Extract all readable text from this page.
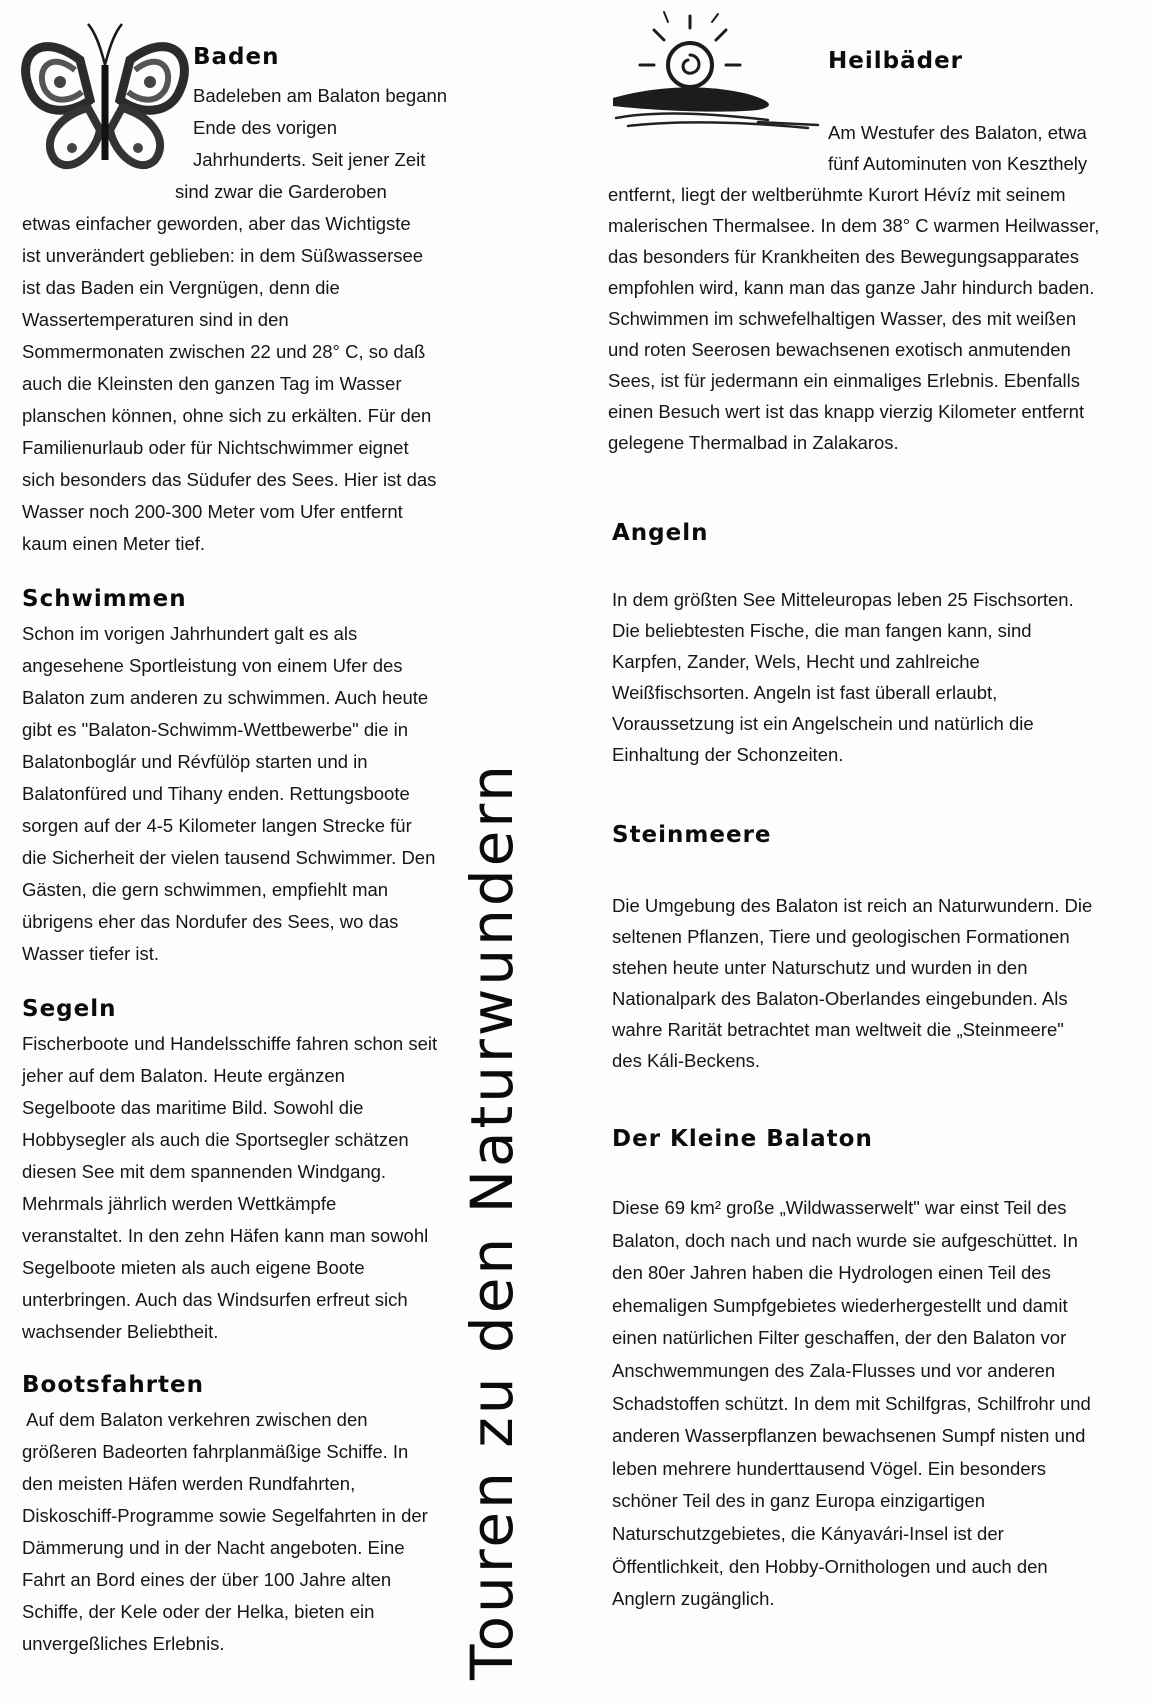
Touren zu den Naturwundern
Baden
Badeleben am Balaton begann
Ende des vorigen
Jahrhunderts. Seit jener Zeit
sind zwar die Garderoben
etwas einfacher geworden, aber das Wichtigste
ist unverändert geblieben: in dem Süßwassersee
ist das Baden ein Vergnügen, denn die
Wassertemperaturen sind in den
Sommermonaten zwischen 22 und 28° C, so daß
auch die Kleinsten den ganzen Tag im Wasser
planschen können, ohne sich zu erkälten. Für den
Familienurlaub oder für Nichtschwimmer eignet
sich besonders das Südufer des Sees. Hier ist das
Wasser noch 200-300 Meter vom Ufer entfernt
kaum einen Meter tief.
Schwimmen
Schon im vorigen Jahrhundert galt es als
angesehene Sportleistung von einem Ufer des
Balaton zum anderen zu schwimmen. Auch heute
gibt es "Balaton-Schwimm-Wettbewerbe" die in
Balatonboglár und Révfülöp starten und in
Balatonfüred und Tihany enden. Rettungsboote
sorgen auf der 4-5 Kilometer langen Strecke für
die Sicherheit der vielen tausend Schwimmer. Den
Gästen, die gern schwimmen, empfiehlt man
übrigens eher das Nordufer des Sees, wo das
Wasser tiefer ist.
Segeln
Fischerboote und Handelsschiffe fahren schon seit
jeher auf dem Balaton. Heute ergänzen
Segelboote das maritime Bild. Sowohl die
Hobbysegler als auch die Sportsegler schätzen
diesen See mit dem spannenden Windgang.
Mehrmals jährlich werden Wettkämpfe
veranstaltet. In den zehn Häfen kann man sowohl
Segelboote mieten als auch eigene Boote
unterbringen. Auch das Windsurfen erfreut sich
wachsender Beliebtheit.
Bootsfahrten
Auf dem Balaton verkehren zwischen den
größeren Badeorten fahrplanmäßige Schiffe. In
den meisten Häfen werden Rundfahrten,
Diskoschiff-Programme sowie Segelfahrten in der
Dämmerung und in der Nacht angeboten. Eine
Fahrt an Bord eines der über 100 Jahre alten
Schiffe, der Kele oder der Helka, bieten ein
unvergeßliches Erlebnis.
Heilbäder
Am Westufer des Balaton, etwa
fünf Autominuten von Keszthely
entfernt, liegt der weltberühmte Kurort Hévíz mit seinem
malerischen Thermalsee. In dem 38° C warmen Heilwasser,
das besonders für Krankheiten des Bewegungsapparates
empfohlen wird, kann man das ganze Jahr hindurch baden.
Schwimmen im schwefelhaltigen Wasser, des mit weißen
und roten Seerosen bewachsenen exotisch anmutenden
Sees, ist für jedermann ein einmaliges Erlebnis. Ebenfalls
einen Besuch wert ist das knapp vierzig Kilometer entfernt
gelegene Thermalbad in Zalakaros.
Angeln
In dem größten See Mitteleuropas leben 25 Fischsorten.
Die beliebtesten Fische, die man fangen kann, sind
Karpfen, Zander, Wels, Hecht und zahlreiche
Weißfischsorten. Angeln ist fast überall erlaubt,
Voraussetzung ist ein Angelschein und natürlich die
Einhaltung der Schonzeiten.
Steinmeere
Die Umgebung des Balaton ist reich an Naturwundern. Die
seltenen Pflanzen, Tiere und geologischen Formationen
stehen heute unter Naturschutz und wurden in den
Nationalpark des Balaton-Oberlandes eingebunden. Als
wahre Rarität betrachtet man weltweit die „Steinmeere"
des Káli-Beckens.
Der Kleine Balaton
Diese 69 km² große „Wildwasserwelt" war einst Teil des
Balaton, doch nach und nach wurde sie aufgeschüttet. In
den 80er Jahren haben die Hydrologen einen Teil des
ehemaligen Sumpfgebietes wiederhergestellt und damit
einen natürlichen Filter geschaffen, der den Balaton vor
Anschwemmungen des Zala-Flusses und vor anderen
Schadstoffen schützt. In dem mit Schilfgras, Schilfrohr und
anderen Wasserpflanzen bewachsenen Sumpf nisten und
leben mehrere hunderttausend Vögel. Ein besonders
schöner Teil des in ganz Europa einzigartigen
Naturschutzgebietes, die Kányavári-Insel ist der
Öffentlichkeit, den Hobby-Ornithologen und auch den
Anglern zugänglich.
